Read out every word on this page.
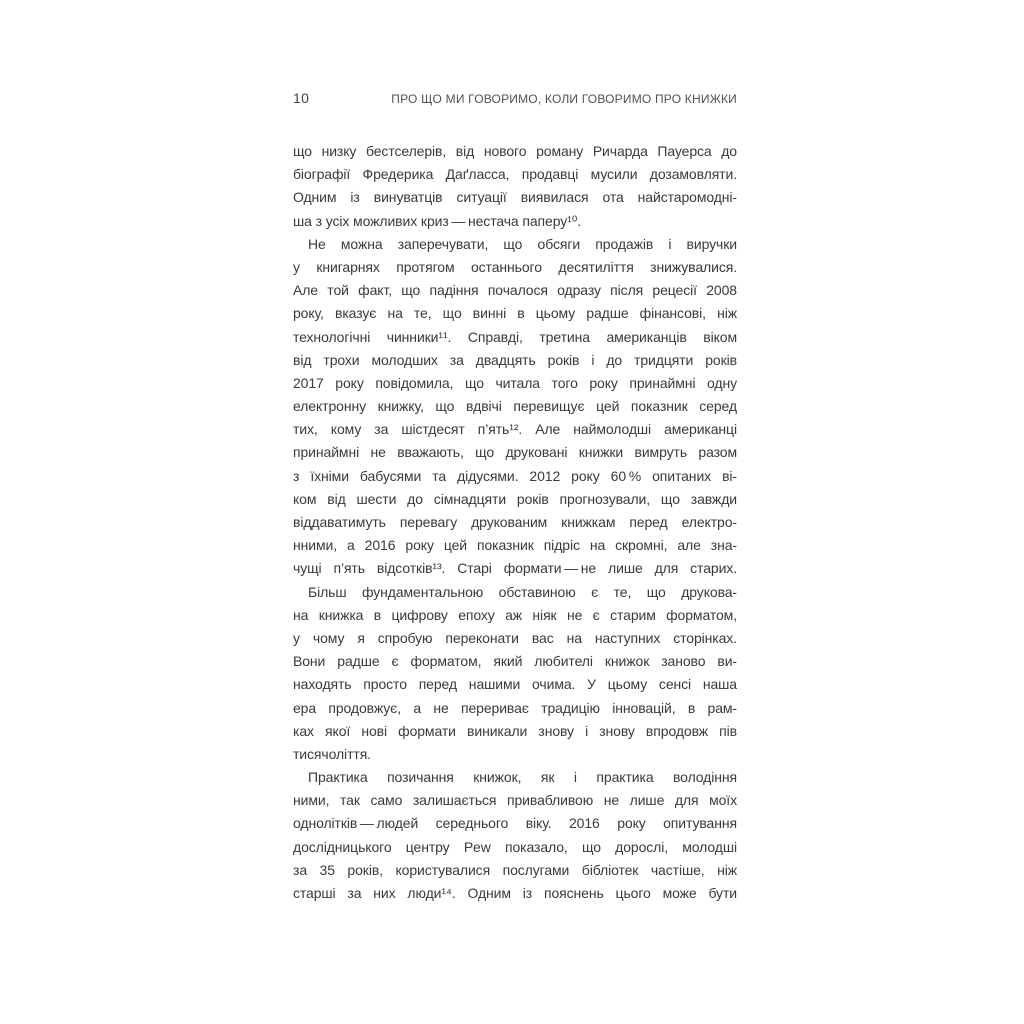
10	ПРО ЩО МИ ГОВОРИМО, КОЛИ ГОВОРИМО ПРО КНИЖКИ
що низку бестселерів, від нового роману Ричарда Пауерса до
біографії Фредерика Даґласса, продавці мусили дозамовляти.
Одним із винуватців ситуації виявилася ота найстаромодні-
ша з усіх можливих криз — нестача паперу¹⁰.
Не можна заперечувати, що обсяги продажів і виручки
у книгарнях протягом останнього десятиліття знижувалися.
Але той факт, що падіння почалося одразу після рецесії 2008
року, вказує на те, що винні в цьому радше фінансові, ніж
технологічні чинники¹¹. Справді, третина американців віком
від трохи молодших за двадцять років і до тридцяти років
2017 року повідомила, що читала того року принаймні одну
електронну книжку, що вдвічі перевищує цей показник серед
тих, кому за шістдесят п’ять¹². Але наймолодші американці
принаймні не вважають, що друковані книжки вимруть разом
з їхніми бабусями та дідусями. 2012 року 60 % опитаних ві-
ком від шести до сімнадцяти років прогнозували, що завжди
віддаватимуть перевагу друкованим книжкам перед електро-
нними, а 2016 року цей показник підріс на скромні, але зна-
чущі п’ять відсотків¹³. Старі формати — не лише для старих.
Більш фундаментальною обставиною є те, що друкова-
на книжка в цифрову епоху аж ніяк не є старим форматом,
у чому я спробую переконати вас на наступних сторінках.
Вони радше є форматом, який любителі книжок заново ви-
находять просто перед нашими очима. У цьому сенсі наша
ера продовжує, а не перериває традицію інновацій, в рам-
ках якої нові формати виникали знову і знову впродовж пів
тисячоліття.
Практика позичання книжок, як і практика володіння
ними, так само залишається привабливою не лише для моїх
однолітків — людей середнього віку. 2016 року опитування
дослідницького центру Pew показало, що дорослі, молодші
за 35 років, користувалися послугами бібліотек частіше, ніж
старші за них люди¹⁴. Одним із пояснень цього може бути
